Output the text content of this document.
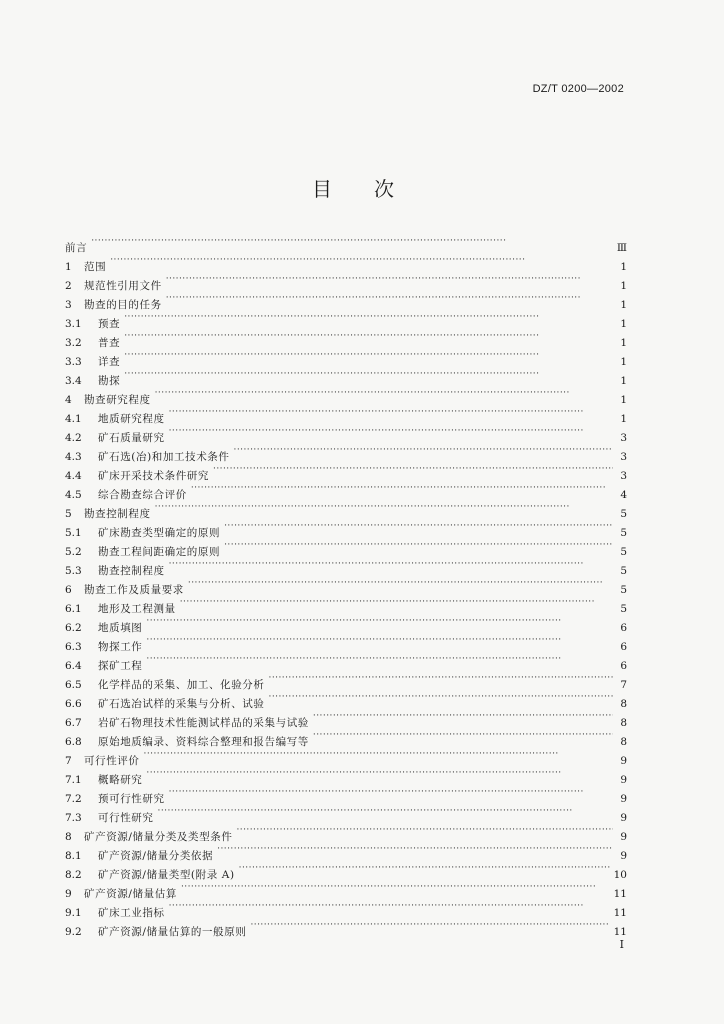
DZ/T 0200—2002
目次
前言 · · ·	Ⅲ
1	范围 · · ·	1
2	规范性引用文件 · · ·	1
3	勘查的目的任务 · · ·	1
3.1	预查 · · ·	1
3.2	普查 · · ·	1
3.3	详查 · · ·	1
3.4	勘探 · · ·	1
4	勘查研究程度 · · ·	1
4.1	地质研究程度 · · ·	1
4.2	矿石质量研究 · · ·	3
4.3	矿石选(冶)和加工技术条件 · · ·	3
4.4	矿床开采技术条件研究 · · ·	3
4.5	综合勘查综合评价 · · ·	4
5	勘查控制程度 · · ·	5
5.1	矿床勘查类型确定的原则 · · ·	5
5.2	勘查工程间距确定的原则 · · ·	5
5.3	勘查控制程度 · · ·	5
6	勘查工作及质量要求 · · ·	5
6.1	地形及工程测量 · · ·	5
6.2	地质填图 · · ·	6
6.3	物探工作 · · ·	6
6.4	探矿工程 · · ·	6
6.5	化学样品的采集、加工、化验分析 · · ·	7
6.6	矿石选冶试样的采集与分析、试验 · · ·	8
6.7	岩矿石物理技术性能测试样品的采集与试验 · · ·	8
6.8	原始地质编录、资料综合整理和报告编写等 · · ·	8
7	可行性评价 · · ·	9
7.1	概略研究 · · ·	9
7.2	预可行性研究 · · ·	9
7.3	可行性研究 · · ·	9
8	矿产资源/储量分类及类型条件 · · ·	9
8.1	矿产资源/储量分类依据 · · ·	9
8.2	矿产资源/储量类型(附录 A) · · ·	10
9	矿产资源/储量估算 · · ·	11
9.1	矿床工业指标 · · ·	11
9.2	矿产资源/储量估算的一般原则 · · ·	11
Ⅰ
